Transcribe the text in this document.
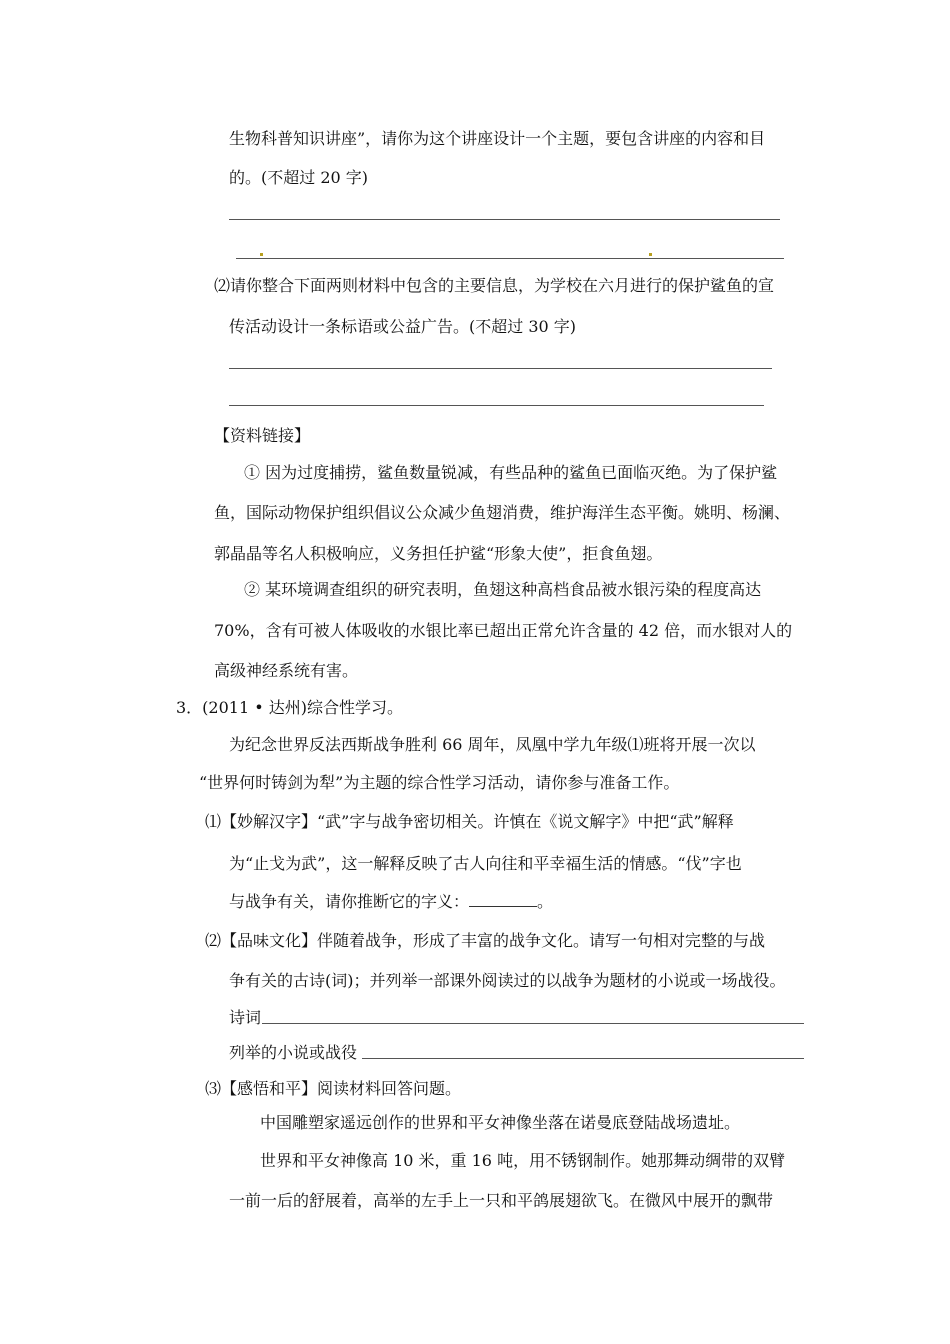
生物科普知识讲座”，请你为这个讲座设计一个主题，要包含讲座的内容和目
的。(不超过 20 字)
⑵请你整合下面两则材料中包含的主要信息，为学校在六月进行的保护鲨鱼的宣
传活动设计一条标语或公益广告。(不超过 30 字)
【资料链接】
① 因为过度捕捞，鲨鱼数量锐减，有些品种的鲨鱼已面临灭绝。为了保护鲨
鱼，国际动物保护组织倡议公众减少鱼翅消费，维护海洋生态平衡。姚明、杨澜、
郭晶晶等名人积极响应，义务担任护鲨“形象大使”，拒食鱼翅。
② 某环境调查组织的研究表明，鱼翅这种高档食品被水银污染的程度高达
70%，含有可被人体吸收的水银比率已超出正常允许含量的 42 倍，而水银对人的
高级神经系统有害。
3．(2011 • 达州)综合性学习。
为纪念世界反法西斯战争胜利 66 周年，凤凰中学九年级⑴班将开展一次以
“世界何时铸剑为犁”为主题的综合性学习活动，请你参与准备工作。
⑴【妙解汉字】“武”字与战争密切相关。许慎在《说文解字》中把“武”解释
为“止戈为武”，这一解释反映了古人向往和平幸福生活的情感。“伐”字也
与战争有关，请你推断它的字义：	。
⑵【品味文化】伴随着战争，形成了丰富的战争文化。请写一句相对完整的与战
争有关的古诗(词)；并列举一部课外阅读过的以战争为题材的小说或一场战役。
诗词
列举的小说或战役
⑶【感悟和平】阅读材料回答问题。
中国雕塑家遥远创作的世界和平女神像坐落在诺曼底登陆战场遗址。
世界和平女神像高 10 米，重 16 吨，用不锈钢制作。她那舞动绸带的双臂
一前一后的舒展着，高举的左手上一只和平鸽展翅欲飞。在微风中展开的飘带
